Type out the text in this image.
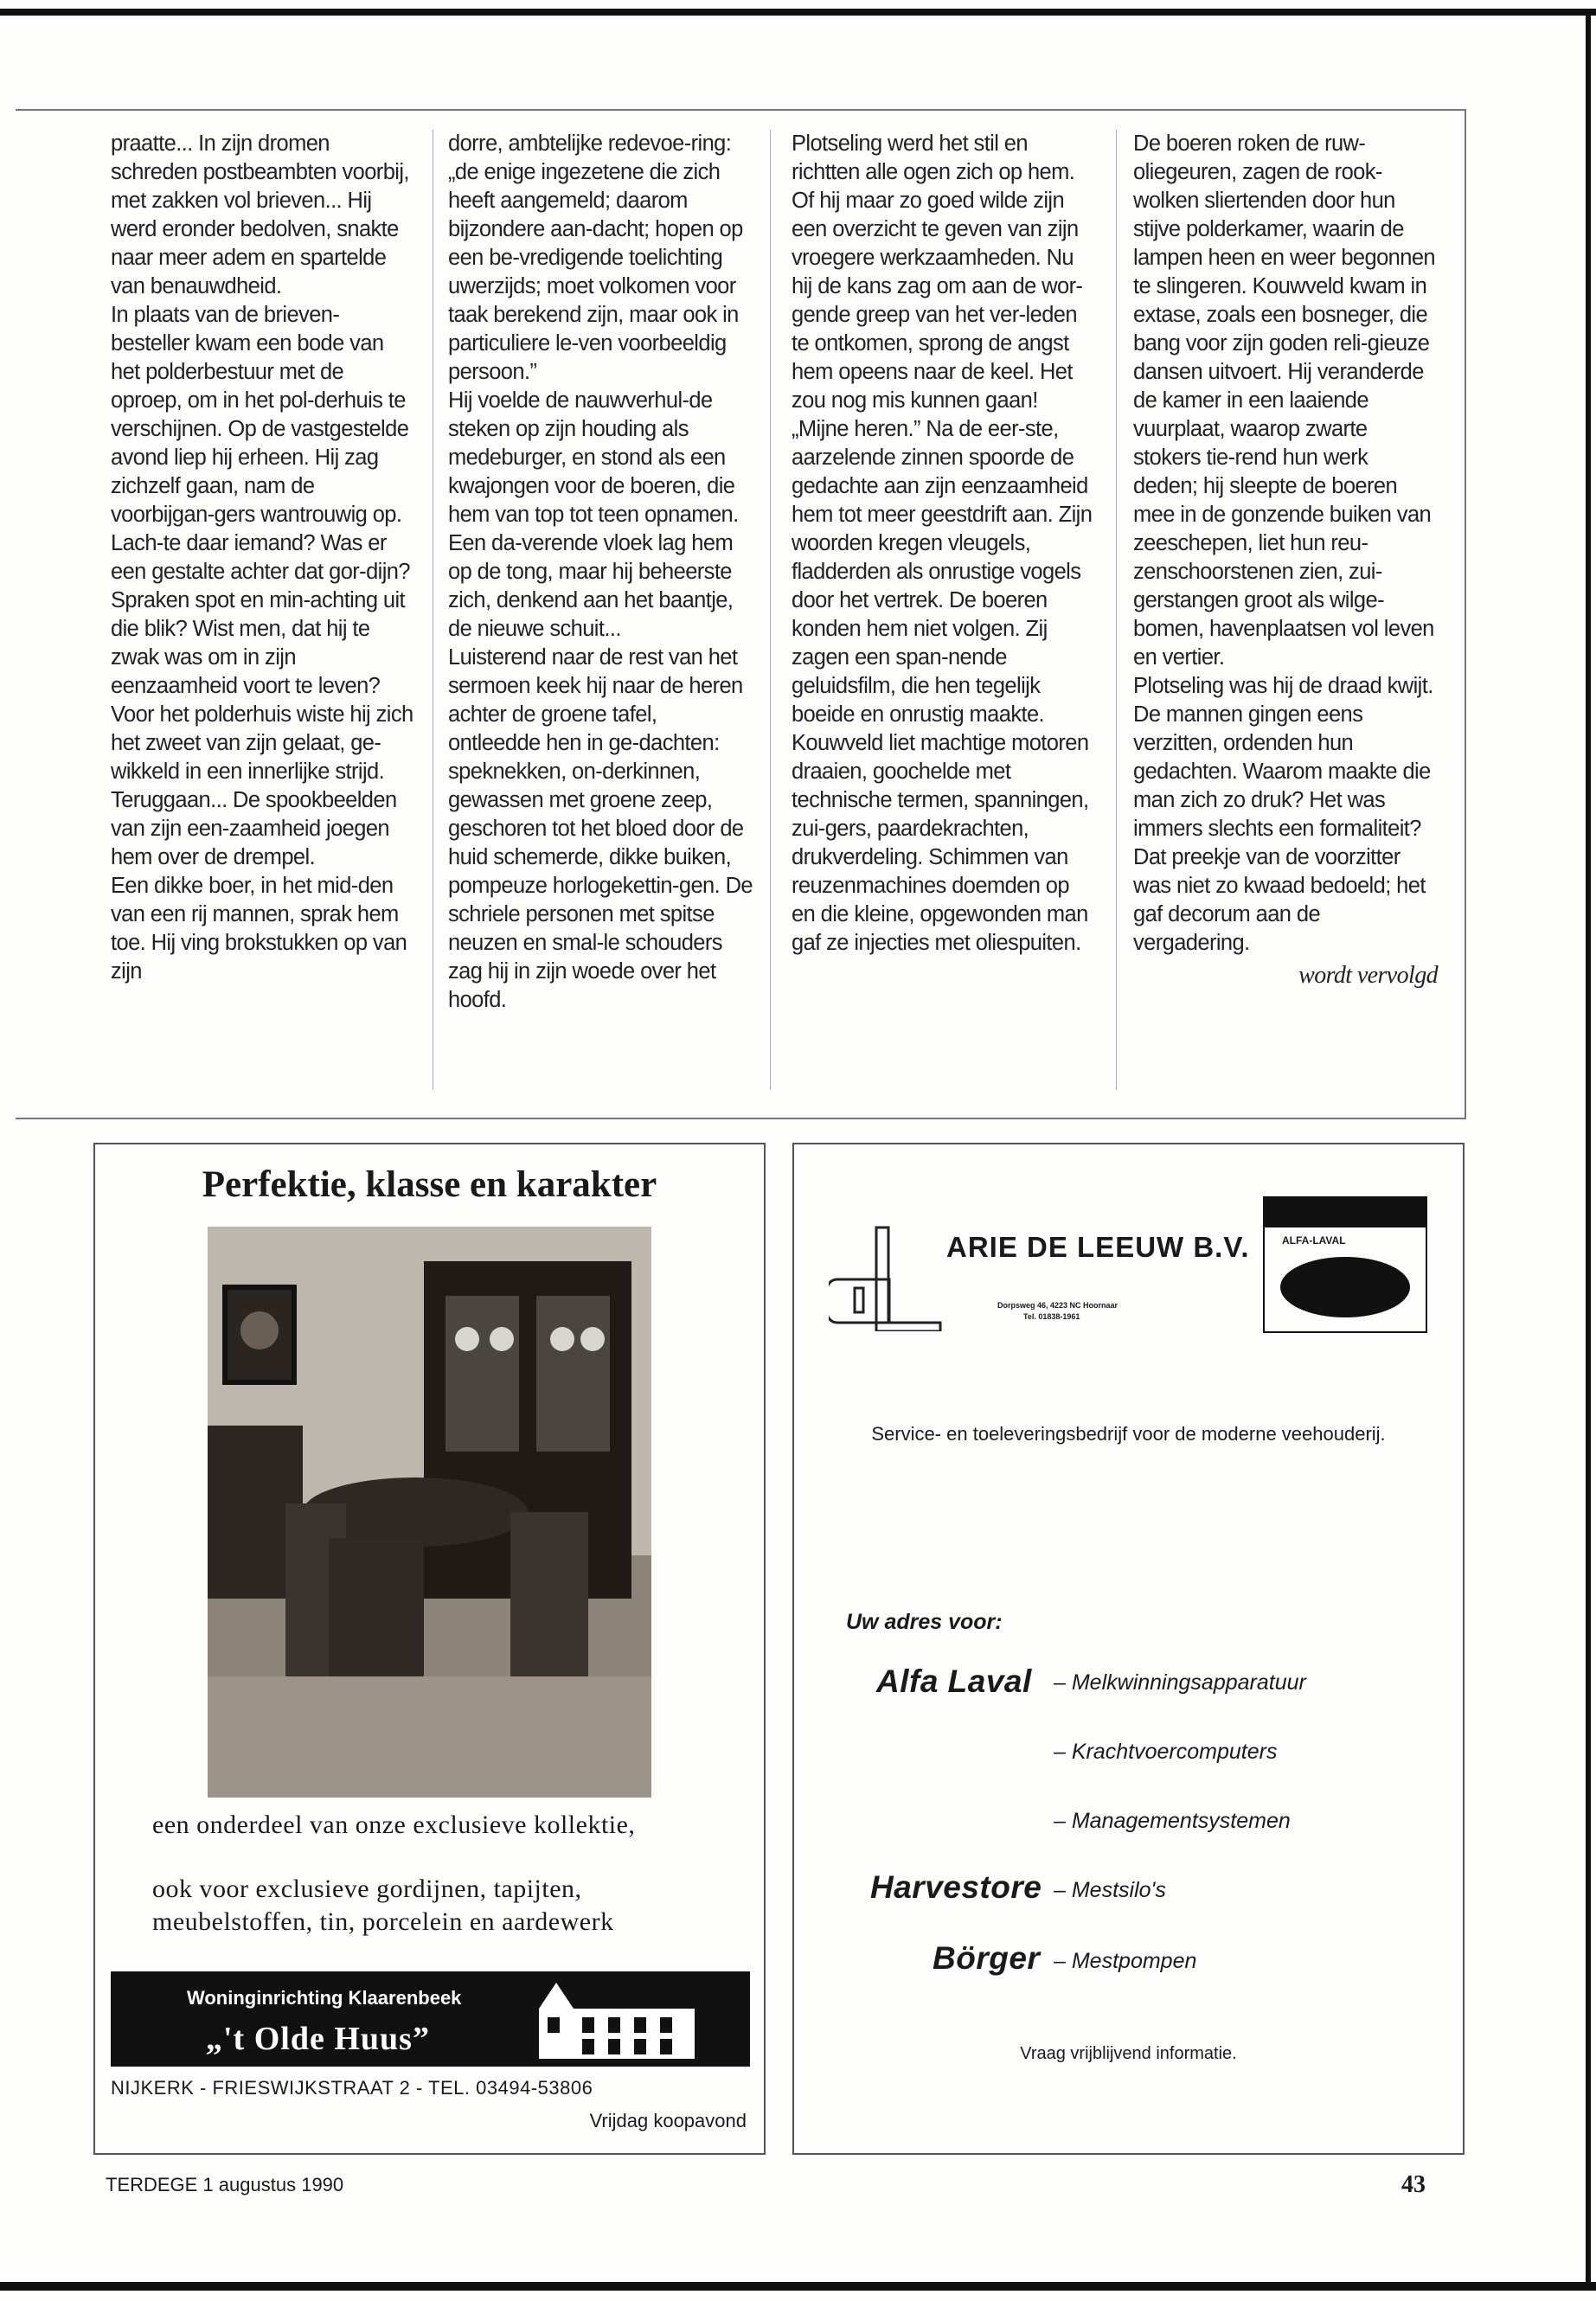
praatte... In zijn dromen schreden postbeambten voorbij, met zakken vol brieven... Hij werd eronder bedolven, snakte naar meer adem en spartelde van benauwdheid.

In plaats van de brieven-besteller kwam een bode van het polderbestuur met de oproep, om in het pol-derhuis te verschijnen. Op de vastgestelde avond liep hij erheen. Hij zag zichzelf gaan, nam de voorbijgan-gers wantrouwig op. Lach-te daar iemand? Was er een gestalte achter dat gor-dijn? Spraken spot en min-achting uit die blik? Wist men, dat hij te zwak was om in zijn eenzaamheid voort te leven? Voor het polderhuis wiste hij zich het zweet van zijn gelaat, ge-wikkeld in een innerlijke strijd. Teruggaan... De spookbeelden van zijn een-zaamheid joegen hem over de drempel.

Een dikke boer, in het mid-den van een rij mannen, sprak hem toe. Hij ving brokstukken op van zijn

dorre, ambtelijke redevoe-ring: „de enige ingezetene die zich heeft aangemeld; daarom bijzondere aan-dacht; hopen op een be-vredigende toelichting uwerzijds; moet volkomen voor taak berekend zijn, maar ook in particuliere le-ven voorbeeldig persoon.”

Hij voelde de nauwverhul-de steken op zijn houding als medeburger, en stond als een kwajongen voor de boeren, die hem van top tot teen opnamen. Een da-verende vloek lag hem op de tong, maar hij beheerste zich, denkend aan het baantje, de nieuwe schuit...

Luisterend naar de rest van het sermoen keek hij naar de heren achter de groene tafel, ontleedde hen in ge-dachten: speknekken, on-derkinnen, gewassen met groene zeep, geschoren tot het bloed door de huid schemerde, dikke buiken, pompeuze horlogekettin-gen. De schriele personen met spitse neuzen en smal-le schouders zag hij in zijn woede over het hoofd.

Plotseling werd het stil en richtten alle ogen zich op hem. Of hij maar zo goed wilde zijn een overzicht te geven van zijn vroegere werkzaamheden. Nu hij de kans zag om aan de wor-gende greep van het ver-leden te ontkomen, sprong de angst hem opeens naar de keel. Het zou nog mis kunnen gaan!

„Mijne heren.” Na de eer-ste, aarzelende zinnen spoorde de gedachte aan zijn eenzaamheid hem tot meer geestdrift aan. Zijn woorden kregen vleugels, fladderden als onrustige vogels door het vertrek. De boeren konden hem niet volgen. Zij zagen een span-nende geluidsfilm, die hen tegelijk boeide en onrustig maakte. Kouwveld liet machtige motoren draaien, goochelde met technische termen, spanningen, zui-gers, paardekrachten, drukverdeling. Schimmen van reuzenmachines doemden op en die kleine, opgewonden man gaf ze injecties met oliespuiten.

De boeren roken de ruw-oliegeuren, zagen de rook-wolken sliertenden door hun stijve polderkamer, waarin de lampen heen en weer begonnen te slingeren. Kouwveld kwam in extase, zoals een bosneger, die bang voor zijn goden reli-gieuze dansen uitvoert. Hij veranderde de kamer in een laaiende vuurplaat, waarop zwarte stokers tie-rend hun werk deden; hij sleepte de boeren mee in de gonzende buiken van zeeschepen, liet hun reu-zenschoorstenen zien, zui-gerstangen groot als wilge-bomen, havenplaatsen vol leven en vertier.

Plotseling was hij de draad kwijt. De mannen gingen eens verzitten, ordenden hun gedachten. Waarom maakte die man zich zo druk? Het was immers slechts een formaliteit? Dat preekje van de voorzitter was niet zo kwaad bedoeld; het gaf decorum aan de vergadering.

wordt vervolgd

Perfektie, klasse en karakter
een onderdeel van onze exclusieve kollektie,
ook voor exclusieve gordijnen, tapijten,
meubelstoffen, tin, porcelein en aardewerk
Woninginrichting Klaarenbeek
„'t Olde Huus”
NIJKERK - FRIESWIJKSTRAAT 2 - TEL. 03494-53806
Vrijdag koopavond
ARIE DE LEEUW B.V.
Dorpsweg 46, 4223 NC Hoornaar
Tel. 01838-1961
ALFA-LAVAL
Service- en toeleveringsbedrijf voor de moderne veehouderij.
Uw adres voor:
Alfa Laval – Melkwinningsapparatuur
– Krachtvoercomputers
– Managementsystemen
Harvestore – Mestsilo's
Börger – Mestpompen
Vraag vrijblijvend informatie.
TERDEGE 1 augustus 1990	43
